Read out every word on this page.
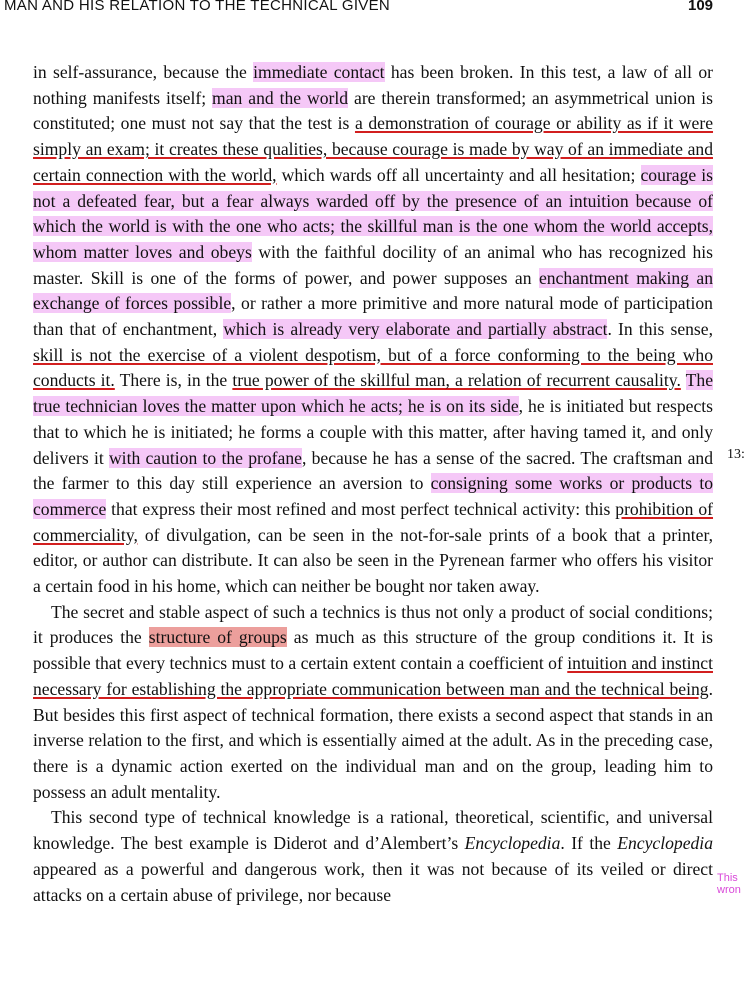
MAN AND HIS RELATION TO THE TECHNICAL GIVEN	109

in self-assurance, because the immediate contact has been broken. In this test, a law of all or nothing manifests itself; man and the world are therein transformed; an asymmetrical union is constituted; one must not say that the test is a demonstration of courage or ability as if it were simply an exam; it creates these qualities, because courage is made by way of an immediate and certain connection with the world, which wards off all uncertainty and all hesitation; courage is not a defeated fear, but a fear always warded off by the presence of an intuition because of which the world is with the one who acts; the skillful man is the one whom the world accepts, whom matter loves and obeys with the faithful docility of an animal who has recognized his master. Skill is one of the forms of power, and power supposes an enchantment making an exchange of forces possible, or rather a more primitive and more natural mode of participation than that of enchantment, which is already very elaborate and partially abstract. In this sense, skill is not the exercise of a violent despotism, but of a force conforming to the being who conducts it. There is, in the true power of the skillful man, a relation of recurrent causality. The true technician loves the matter upon which he acts; he is on its side, he is initiated but respects that to which he is initiated; he forms a couple with this matter, after having tamed it, and only delivers it with caution to the profane, because he has a sense of the sacred. The craftsman and the farmer to this day still experience an aversion to consigning some works or products to commerce that express their most refined and most perfect technical activity: this prohibition of commerciality, of divulgation, can be seen in the not-for-sale prints of a book that a printer, editor, or author can distribute. It can also be seen in the Pyrenean farmer who offers his visitor a certain food in his home, which can neither be bought nor taken away.

The secret and stable aspect of such a technics is thus not only a product of social conditions; it produces the structure of groups as much as this structure of the group conditions it. It is possible that every technics must to a certain extent contain a coefficient of intuition and instinct necessary for establishing the appropriate communication between man and the technical being. But besides this first aspect of technical formation, there exists a second aspect that stands in an inverse relation to the first, and which is essentially aimed at the adult. As in the preceding case, there is a dynamic action exerted on the individual man and on the group, leading him to possess an adult mentality.

This second type of technical knowledge is a rational, theoretical, scientific, and universal knowledge. The best example is Diderot and d’Alembert’s Encyclopedia. If the Encyclopedia appeared as a powerful and dangerous work, then it was not because of its veiled or direct attacks on a certain abuse of privilege, nor because

13:
This wron
